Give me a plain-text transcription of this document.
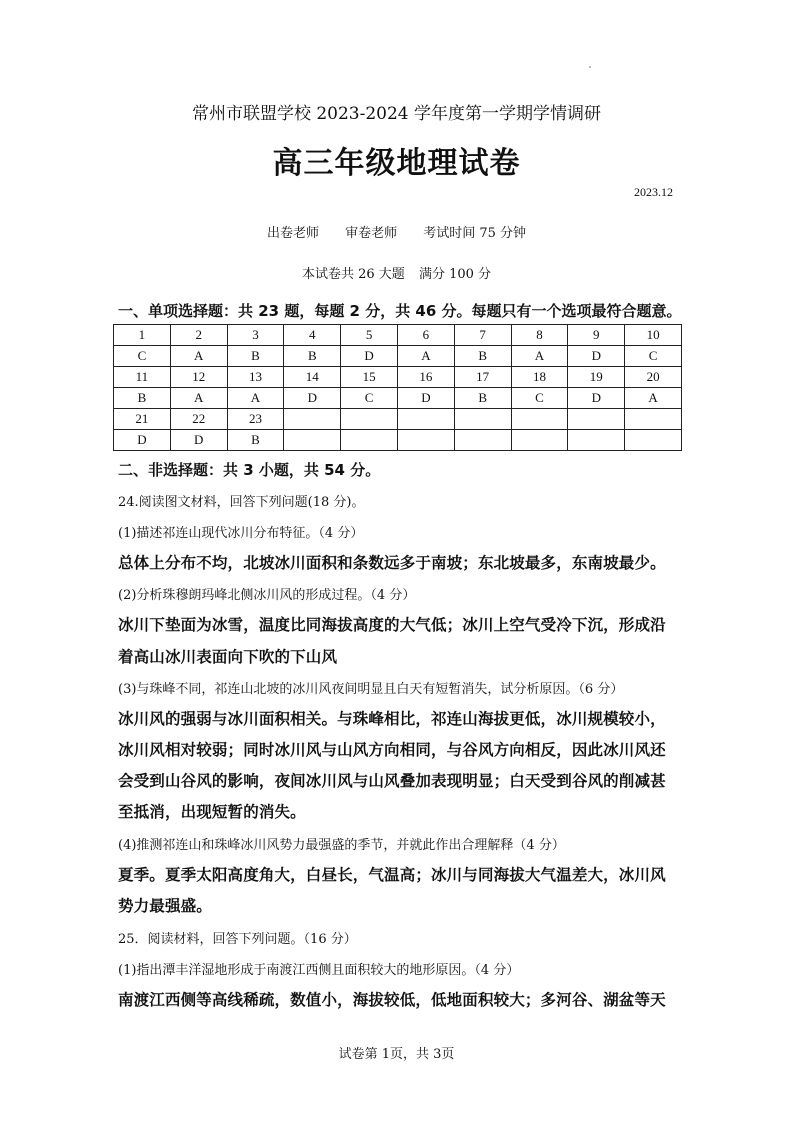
常州市联盟学校 2023-2024 学年度第一学期学情调研
高三年级地理试卷
2023.12
出卷老师 审卷老师 考试时间 75 分钟
本试卷共 26 大题 满分 100 分
一、单项选择题：共 23 题，每题 2 分，共 46 分。每题只有一个选项最符合题意。
1	2	3	4	5	6	7	8	9	10
C	A	B	B	D	A	B	A	D	C
11	12	13	14	15	16	17	18	19	20
B	A	A	D	C	D	B	C	D	A
21	22	23							
D	D	B							
二、非选择题：共 3 小题，共 54 分。
24.阅读图文材料，回答下列问题(18 分)。
(1)描述祁连山现代冰川分布特征。（4 分）
总体上分布不均，北坡冰川面积和条数远多于南坡；东北坡最多，东南坡最少。
(2)分析珠穆朗玛峰北侧冰川风的形成过程。（4 分）
冰川下垫面为冰雪，温度比同海拔高度的大气低；冰川上空气受冷下沉，形成沿
着高山冰川表面向下吹的下山风
(3)与珠峰不同，祁连山北坡的冰川风夜间明显且白天有短暂消失，试分析原因。（6 分）
冰川风的强弱与冰川面积相关。与珠峰相比，祁连山海拔更低，冰川规模较小，
冰川风相对较弱；同时冰川风与山风方向相同，与谷风方向相反，因此冰川风还
会受到山谷风的影响，夜间冰川风与山风叠加表现明显；白天受到谷风的削减甚
至抵消，出现短暂的消失。
(4)推测祁连山和珠峰冰川风势力最强盛的季节，并就此作出合理解释（4 分）
夏季。夏季太阳高度角大，白昼长，气温高；冰川与同海拔大气温差大，冰川风
势力最强盛。
25．阅读材料，回答下列问题。（16 分）
(1)指出潭丰洋湿地形成于南渡江西侧且面积较大的地形原因。（4 分）
南渡江西侧等高线稀疏，数值小，海拔较低，低地面积较大；多河谷、湖盆等天
试卷第 1页，共 3页
